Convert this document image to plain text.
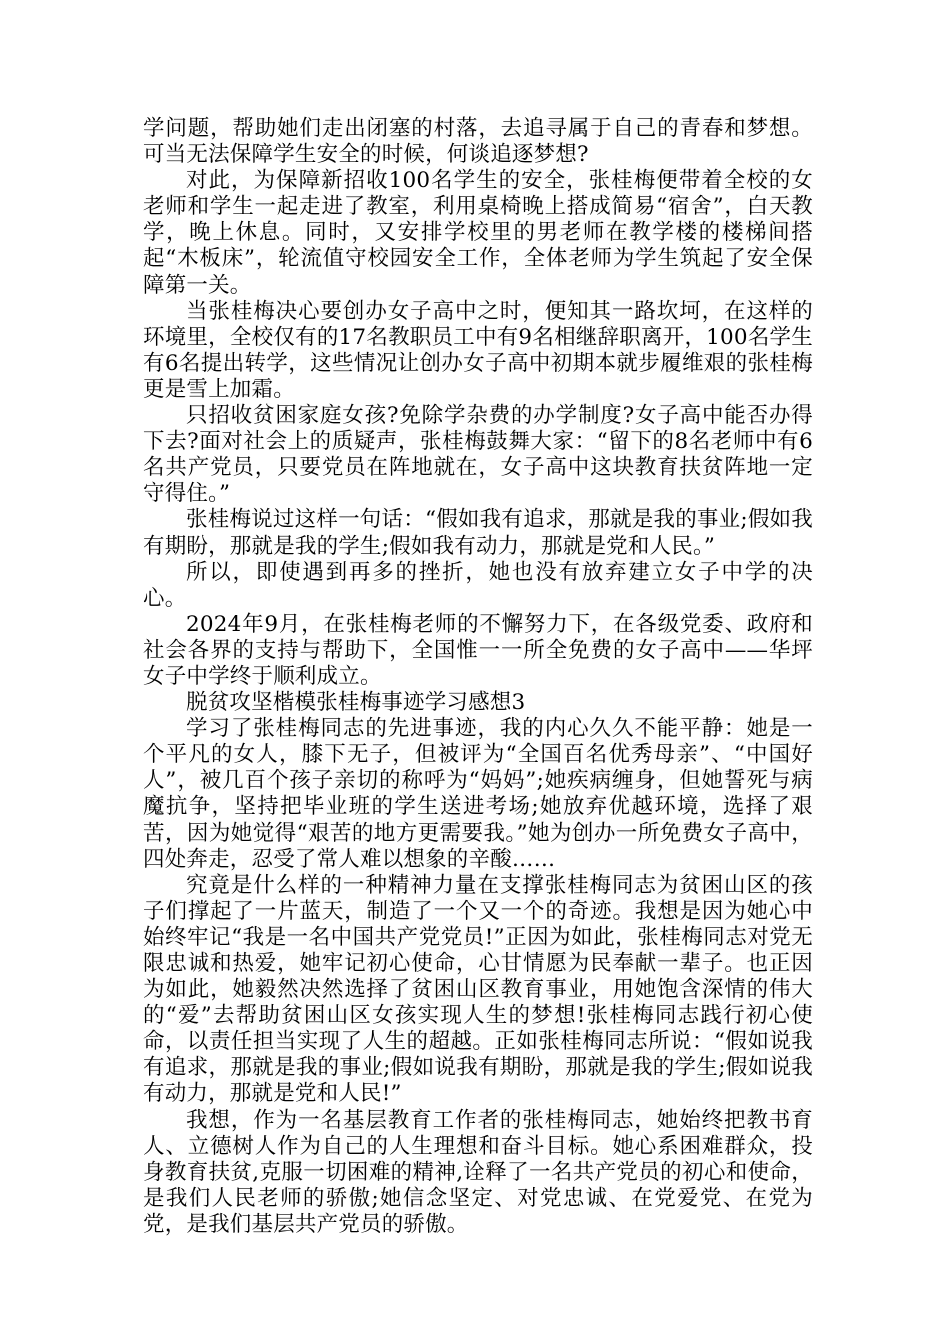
学问题，帮助她们走出闭塞的村落，去追寻属于自己的青春和梦想。可当无法保障学生安全的时候，何谈追逐梦想?

对此，为保障新招收100名学生的安全，张桂梅便带着全校的女老师和学生一起走进了教室，利用桌椅晚上搭成简易“宿舍”，白天教学，晚上休息。同时，又安排学校里的男老师在教学楼的楼梯间搭起“木板床”，轮流值守校园安全工作，全体老师为学生筑起了安全保障第一关。

当张桂梅决心要创办女子高中之时，便知其一路坎坷，在这样的环境里，全校仅有的17名教职员工中有9名相继辞职离开，100名学生有6名提出转学，这些情况让创办女子高中初期本就步履维艰的张桂梅更是雪上加霜。

只招收贫困家庭女孩?免除学杂费的办学制度?女子高中能否办得下去?面对社会上的质疑声，张桂梅鼓舞大家：“留下的8名老师中有6名共产党员，只要党员在阵地就在，女子高中这块教育扶贫阵地一定守得住。”

张桂梅说过这样一句话：“假如我有追求，那就是我的事业;假如我有期盼，那就是我的学生;假如我有动力，那就是党和人民。”

所以，即使遇到再多的挫折，她也没有放弃建立女子中学的决心。

2024年9月，在张桂梅老师的不懈努力下，在各级党委、政府和社会各界的支持与帮助下，全国惟一一所全免费的女子高中——华坪女子中学终于顺利成立。

脱贫攻坚楷模张桂梅事迹学习感想3

学习了张桂梅同志的先进事迹，我的内心久久不能平静：她是一个平凡的女人，膝下无子，但被评为“全国百名优秀母亲”、“中国好人”，被几百个孩子亲切的称呼为“妈妈”;她疾病缠身，但她誓死与病魔抗争，坚持把毕业班的学生送进考场;她放弃优越环境，选择了艰苦，因为她觉得“艰苦的地方更需要我。”她为创办一所免费女子高中，四处奔走，忍受了常人难以想象的辛酸……

究竟是什么样的一种精神力量在支撑张桂梅同志为贫困山区的孩子们撑起了一片蓝天，制造了一个又一个的奇迹。我想是因为她心中始终牢记“我是一名中国共产党党员!”正因为如此，张桂梅同志对党无限忠诚和热爱，她牢记初心使命，心甘情愿为民奉献一辈子。也正因为如此，她毅然决然选择了贫困山区教育事业，用她饱含深情的伟大的“爱”去帮助贫困山区女孩实现人生的梦想!张桂梅同志践行初心使命，以责任担当实现了人生的超越。正如张桂梅同志所说：“假如说我有追求，那就是我的事业;假如说我有期盼，那就是我的学生;假如说我有动力，那就是党和人民!”

我想，作为一名基层教育工作者的张桂梅同志，她始终把教书育人、立德树人作为自己的人生理想和奋斗目标。她心系困难群众，投身教育扶贫,克服一切困难的精神,诠释了一名共产党员的初心和使命，是我们人民老师的骄傲;她信念坚定、对党忠诚、在党爱党、在党为党，是我们基层共产党员的骄傲。
